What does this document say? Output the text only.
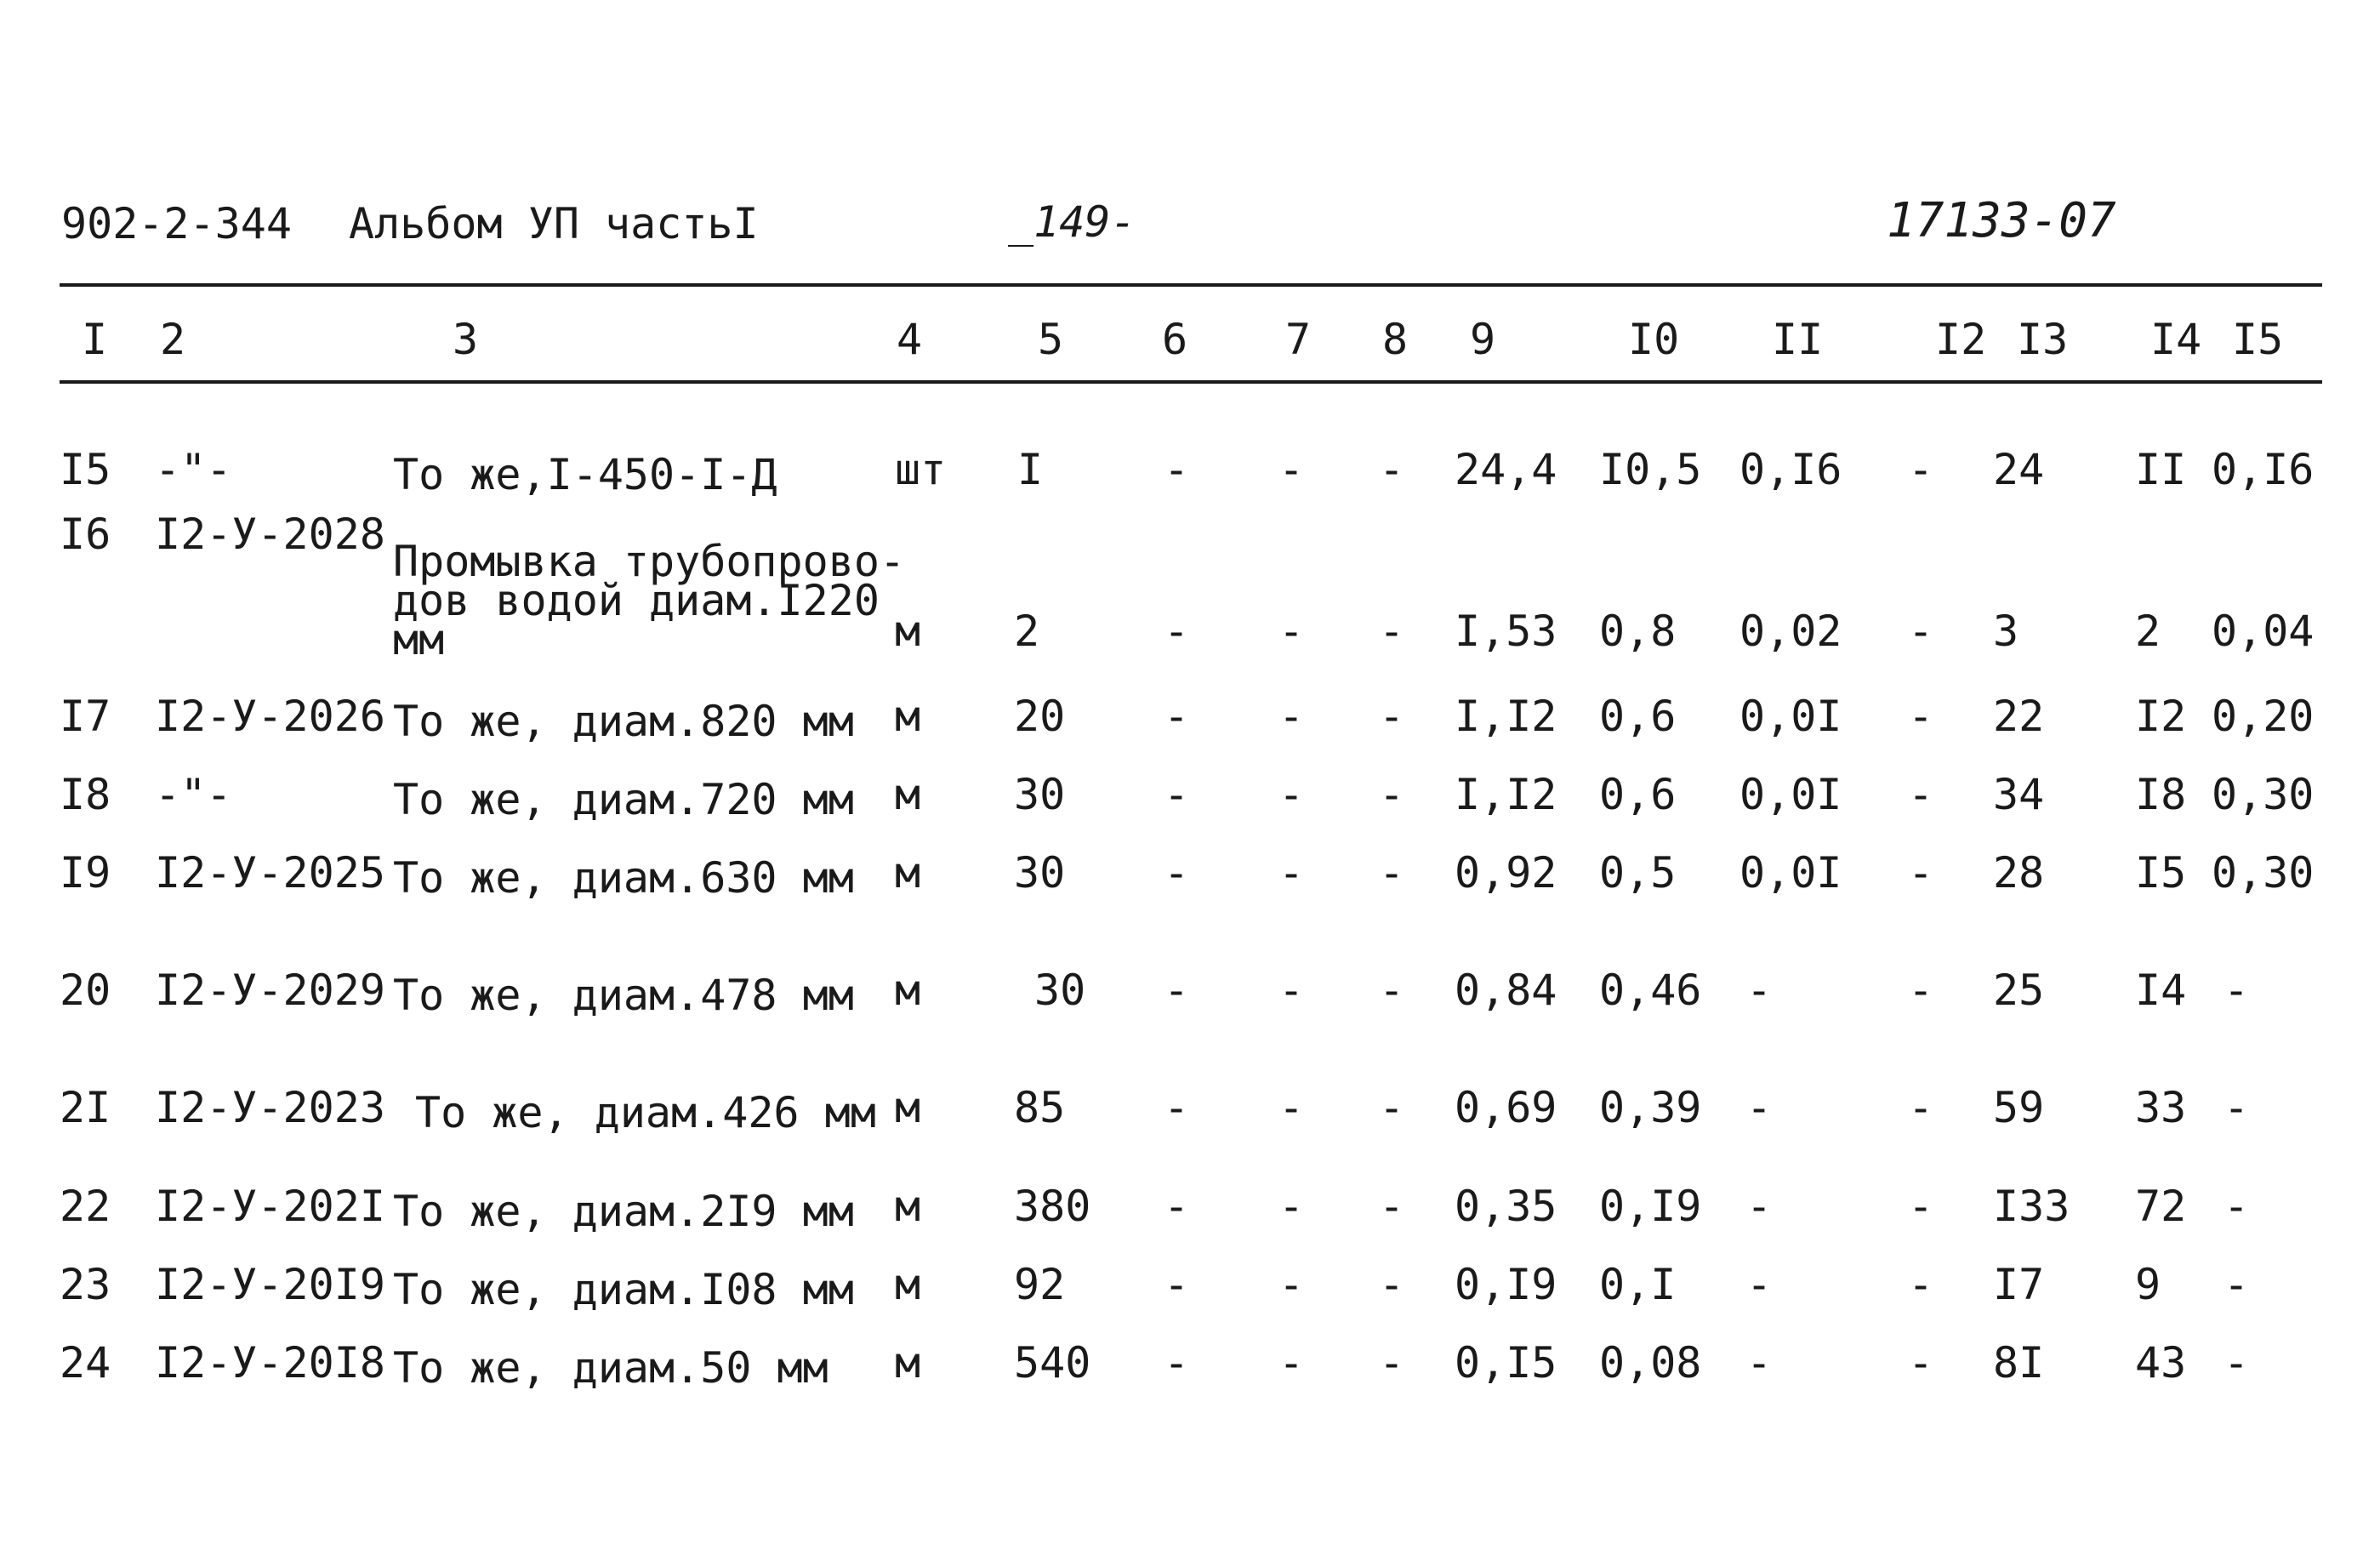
902-2-344 Альбом УП частьI	_149-	17133-07
I	2	3	4	5	6	7	8	9	I0	II	I2	I3	I4	I5
I5	-"-	То же,I-450-I-Д	шт	I	-	-	-	24,4	I0,5	0,I6	-	24	II	0,I6
I6	I2-У-2028	Промывка трубопрово-
дов водой диам.I220
мм	м	2	-	-	-	I,53	0,8	0,02	-	3	2	0,04
I7	I2-У-2026	То же, диам.820 мм	м	20	-	-	-	I,I2	0,6	0,0I	-	22	I2	0,20
I8	-"-	То же, диам.720 мм	м	30	-	-	-	I,I2	0,6	0,0I	-	34	I8	0,30
I9	I2-У-2025	То же, диам.630 мм	м	30	-	-	-	0,92	0,5	0,0I	-	28	I5	0,30
20	I2-У-2029	То же, диам.478 мм	м	30	-	-	-	0,84	0,46	-	-	25	I4	-
2I	I2-У-2023	То же, диам.426 мм	м	85	-	-	-	0,69	0,39	-	-	59	33	-
22	I2-У-202I	То же, диам.2I9 мм	м	380	-	-	-	0,35	0,I9	-	-	I33	72	-
23	I2-У-20I9	То же, диам.I08 мм	м	92	-	-	-	0,I9	0,I	-	-	I7	9	-
24	I2-У-20I8	То же, диам.50 мм	м	540	-	-	-	0,I5	0,08	-	-	8I	43	-
